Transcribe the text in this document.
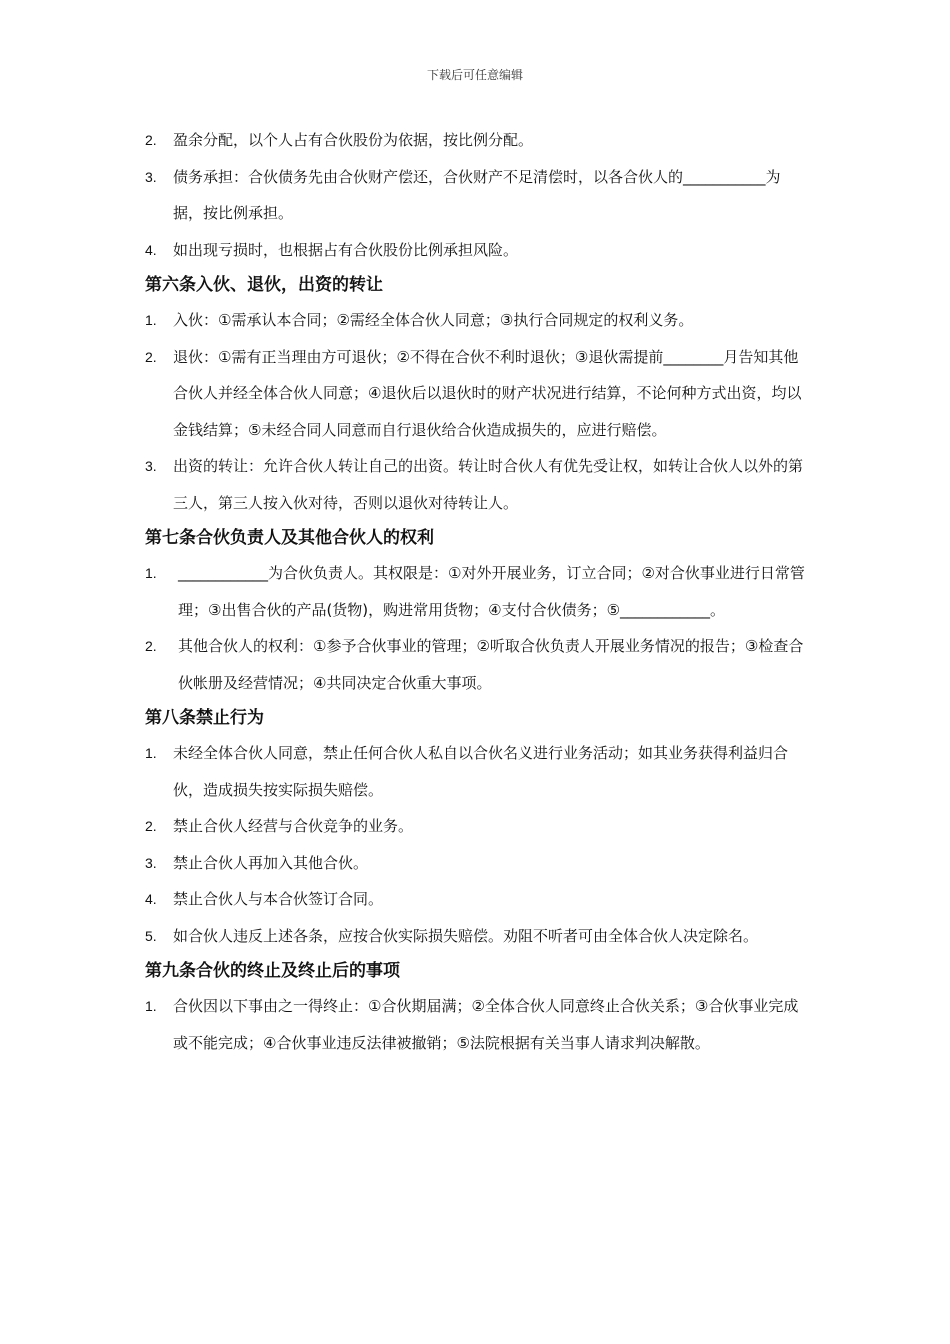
下载后可任意编辑
2. 盈余分配，以个人占有合伙股份为依据，按比例分配。
3. 债务承担：合伙债务先由合伙财产偿还，合伙财产不足清偿时，以各合伙人的___________为据，按比例承担。
4. 如出现亏损时，也根据占有合伙股份比例承担风险。
第六条入伙、退伙，出资的转让
1. 入伙：①需承认本合同；②需经全体合伙人同意；③执行合同规定的权利义务。
2. 退伙：①需有正当理由方可退伙；②不得在合伙不利时退伙；③退伙需提前________月告知其他合伙人并经全体合伙人同意；④退伙后以退伙时的财产状况进行结算，不论何种方式出资，均以金钱结算；⑤未经合同人同意而自行退伙给合伙造成损失的，应进行赔偿。
3. 出资的转让：允许合伙人转让自己的出资。转让时合伙人有优先受让权，如转让合伙人以外的第三人，第三人按入伙对待，否则以退伙对待转让人。
第七条合伙负责人及其他合伙人的权利
1. ____________为合伙负责人。其权限是：①对外开展业务，订立合同；②对合伙事业进行日常管理；③出售合伙的产品(货物)，购进常用货物；④支付合伙债务；⑤____________。
2. 其他合伙人的权利：①参予合伙事业的管理；②听取合伙负责人开展业务情况的报告；③检查合伙帐册及经营情况；④共同决定合伙重大事项。
第八条禁止行为
1. 未经全体合伙人同意，禁止任何合伙人私自以合伙名义进行业务活动；如其业务获得利益归合伙，造成损失按实际损失赔偿。
2. 禁止合伙人经营与合伙竞争的业务。
3. 禁止合伙人再加入其他合伙。
4. 禁止合伙人与本合伙签订合同。
5. 如合伙人违反上述各条，应按合伙实际损失赔偿。劝阻不听者可由全体合伙人决定除名。
第九条合伙的终止及终止后的事项
1. 合伙因以下事由之一得终止：①合伙期届满；②全体合伙人同意终止合伙关系；③合伙事业完成或不能完成；④合伙事业违反法律被撤销；⑤法院根据有关当事人请求判决解散。
